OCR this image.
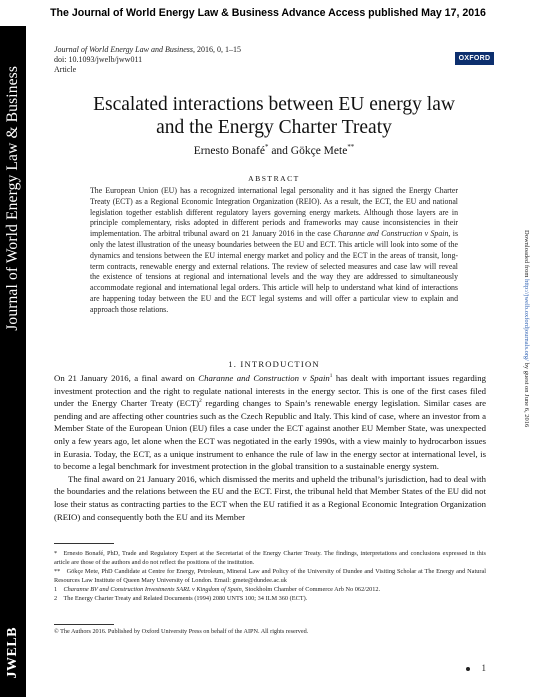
The Journal of World Energy Law & Business Advance Access published May 17, 2016
Journal of World Energy Law & Business
JWELB
Downloaded from http://jwelb.oxfordjournals.org/ by guest on June 6, 2016
Journal of World Energy Law and Business, 2016, 0, 1–15
doi: 10.1093/jwelb/jww011
Article
OXFORD
Escalated interactions between EU energy law
and the Energy Charter Treaty
Ernesto Bonafé* and Gökçe Mete**
ABSTRACT

The European Union (EU) has a recognized international legal personality and it has signed the Energy Charter Treaty (ECT) as a Regional Economic Integration Organization (REIO). As a result, the ECT, the EU and national legislation together establish different regulatory layers governing energy markets. Although those layers are in principle complementary, risks adopted in different periods and frameworks may cause inconsistencies in their implementation. The arbitral tribunal award on 21 January 2016 in the case Charanne and Construction v Spain, is only the latest illustration of the uneasy boundaries between the EU and ECT. This article will look into some of the dynamics and tensions between the EU internal energy market and policy and the ECT in the areas of transit, long-term contracts, renewable energy and external relations. The review of selected measures and case law will reveal the existence of tensions at regional and international levels and the way they are addressed to simultaneously accommodate regional and international legal orders. This article will help to understand what kind of interactions are happening today between the EU and the ECT legal systems and will offer a particular view to explain and approach those relations.

1. INTRODUCTION

On 21 January 2016, a final award on Charanne and Construction v Spain$^1$ has dealt with important issues regarding investment protection and the right to regulate national interests in the energy sector. This is one of the first cases filed under the Energy Charter Treaty (ECT)$^2$ regarding changes to Spain’s renewable energy legislation. Similar cases are pending and are affecting other countries such as the Czech Republic and Italy. This kind of case, where an investor from a Member State of the European Union (EU) files a case under the ECT against another EU Member State, was unexpected only a few years ago, let alone when the ECT was negotiated in the early 1990s, with a view mainly to hydrocarbon issues in Eurasia. Today, the ECT, as a unique instrument to enhance the rule of law in the energy sector at international level, is to become a legal benchmark for investment protection in the global transition to a sustainable energy system.

The final award on 21 January 2016, which dismissed the merits and upheld the tribunal’s jurisdiction, had to deal with the boundaries and the relations between the EU and the ECT. First, the tribunal held that Member States of the EU did not lose their status as contracting parties to the ECT when the EU ratified it as a Regional Economic Integration Organization (REIO) and consequently both the EU and its Member

* Ernesto Bonafé, PhD, Trade and Regulatory Expert at the Secretariat of the Energy Charter Treaty. The findings, interpretations and conclusions expressed in this article are those of the authors and do not reflect the positions of the institution.
** Gökçe Mete, PhD Candidate at Centre for Energy, Petroleum, Mineral Law and Policy of the University of Dundee and Visiting Scholar at The Energy and Natural Resources Law Institute of Queen Mary University of London. Email: gmete@dundee.ac.uk
1  Charanne BV and Construction Investments SARL v Kingdom of Spain, Stockholm Chamber of Commerce Arb No 062/2012.
2  The Energy Charter Treaty and Related Documents (1994) 2080 UNTS 100; 34 ILM 360 (ECT).
© The Authors 2016. Published by Oxford University Press on behalf of the AIPN. All rights reserved.
1
